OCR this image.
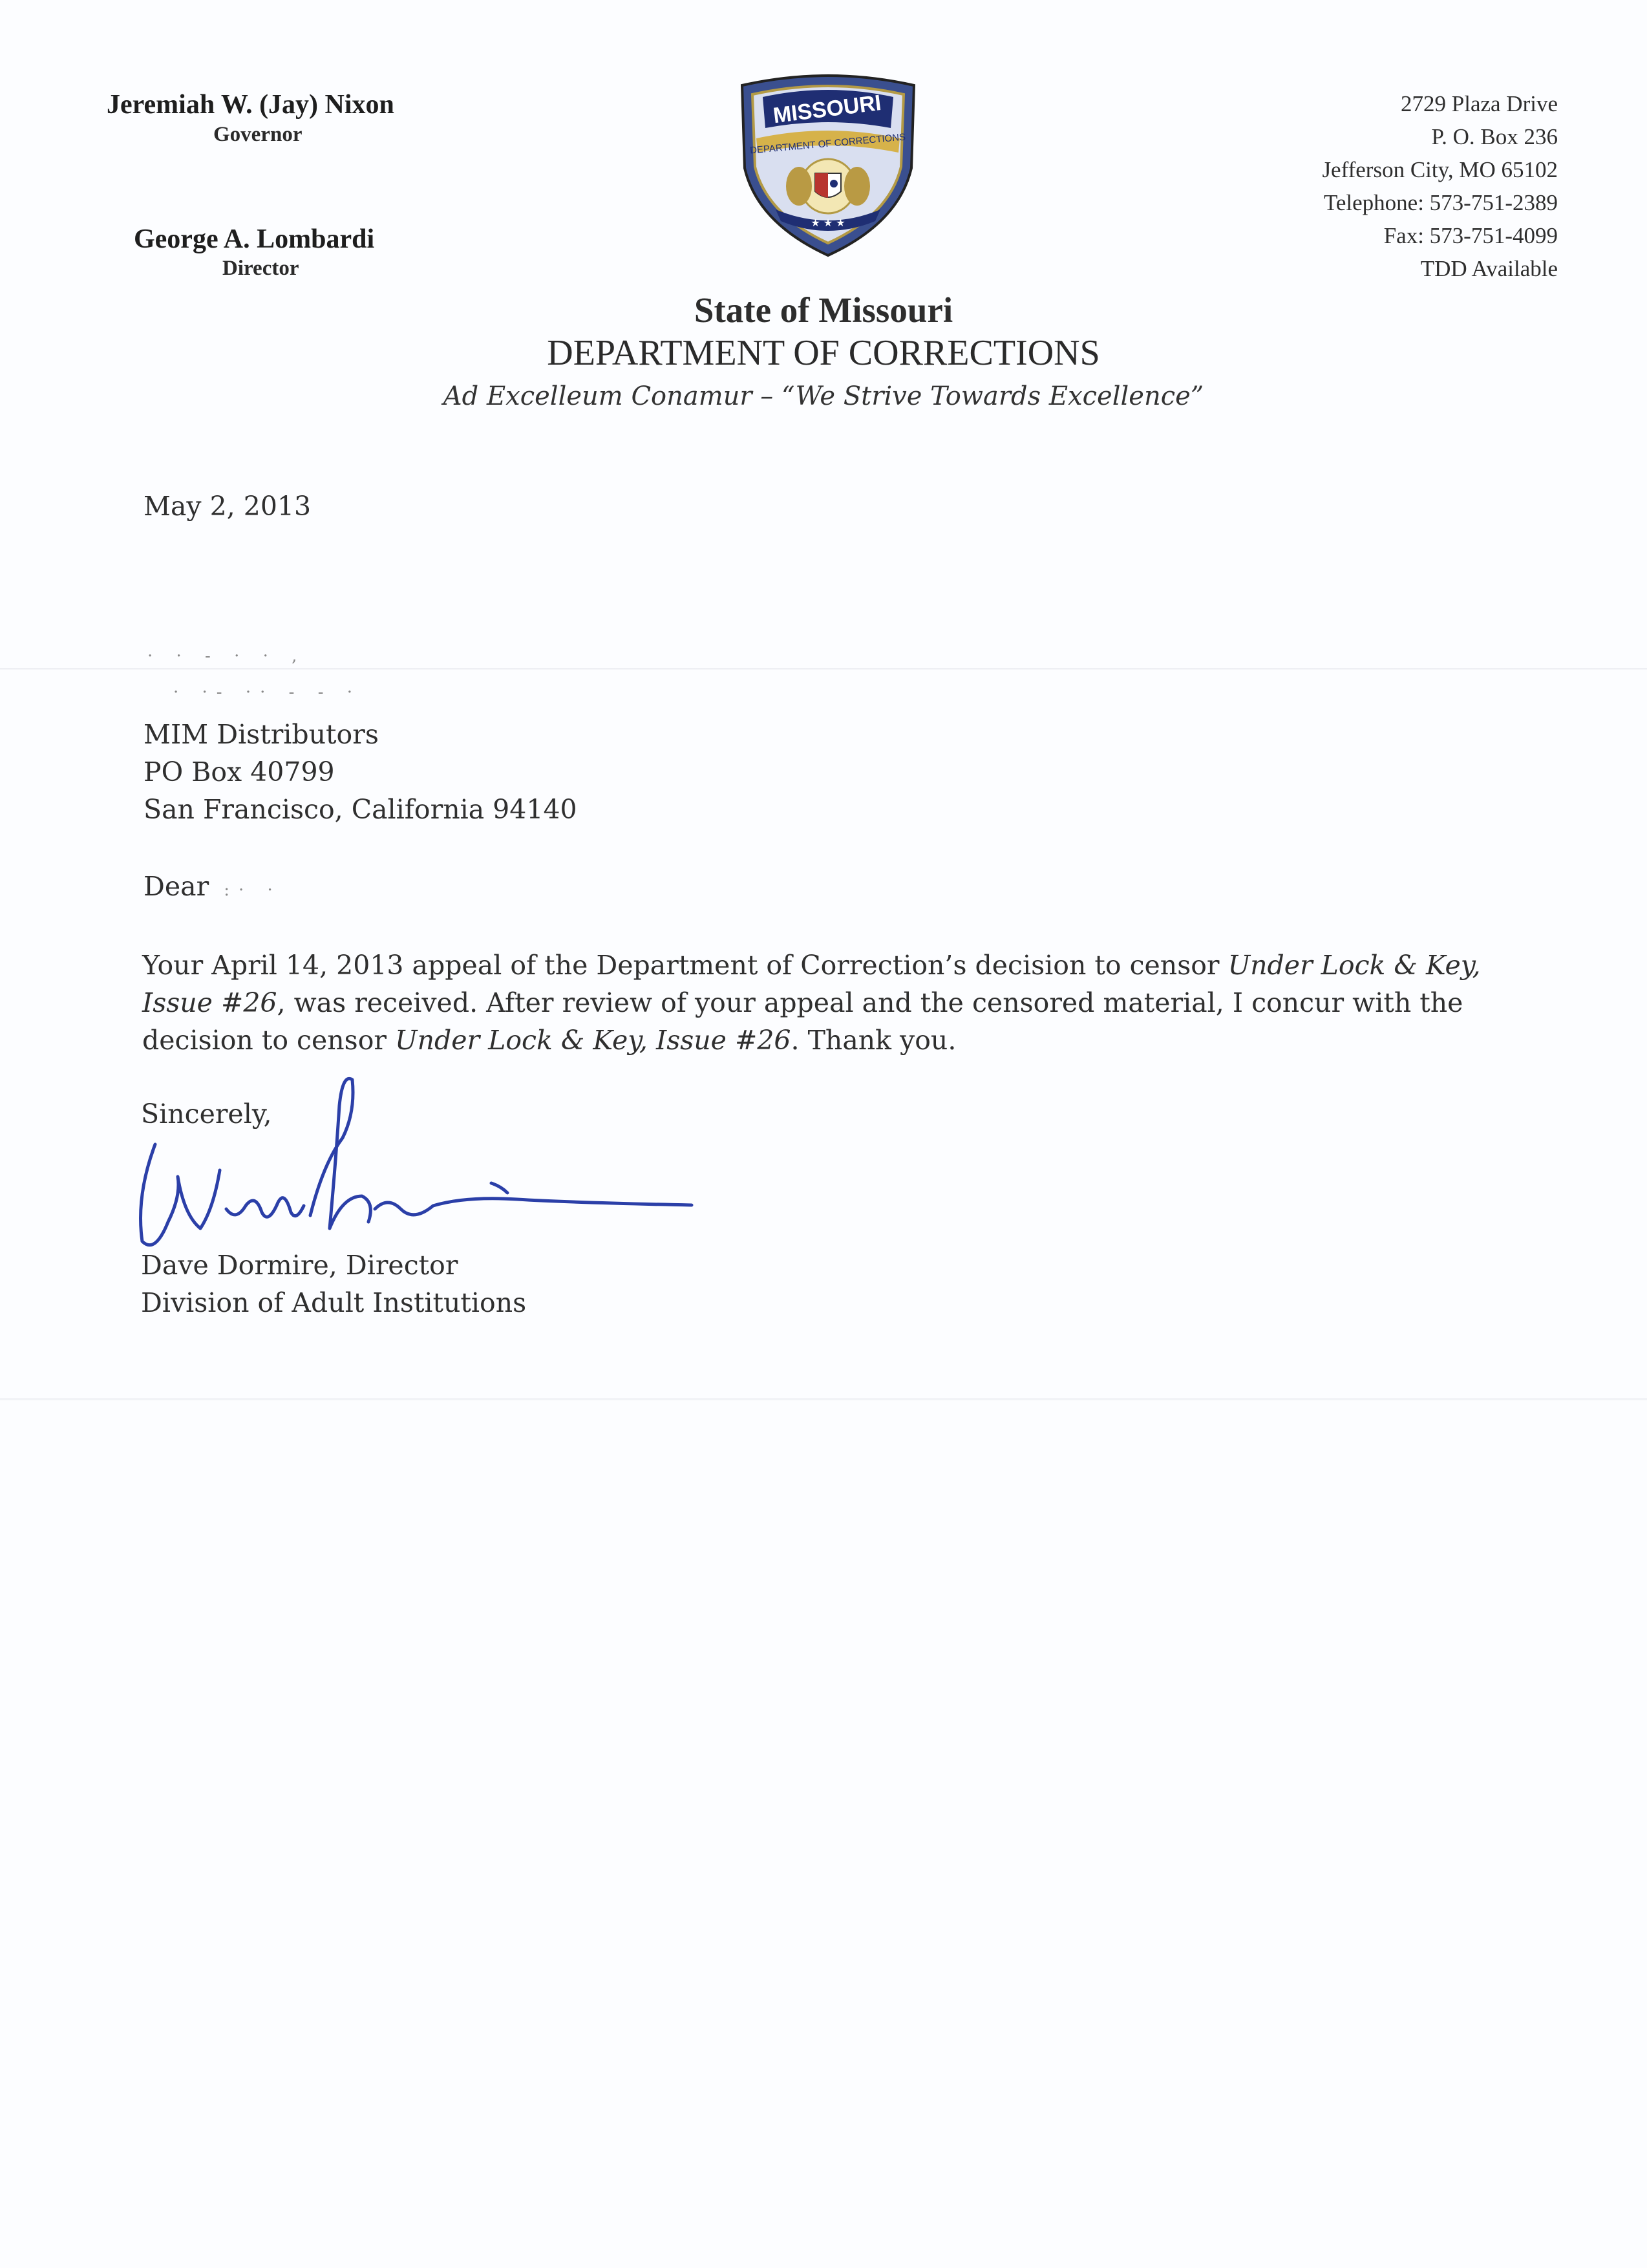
Jeremiah W. (Jay) Nixon
Governor
George A. Lombardi
Director
MISSOURI
DEPARTMENT OF CORRECTIONS
★ ★ ★
2729 Plaza Drive
P. O. Box 236
Jefferson City, MO 65102
Telephone: 573-751-2389
Fax: 573-751-4099
TDD Available
State of Missouri
DEPARTMENT OF CORRECTIONS
Ad Excelleum Conamur – “We Strive Towards Excellence”
May 2, 2013
· · ‐ · · ,
· ·‐ ·· ‐ ‐ ·
MIM Distributors
PO Box 40799
San Francisco, California 94140
Dear :· ·
Your April 14, 2013 appeal of the Department of Correction’s decision to censor Under Lock & Key,
Issue #26, was received. After review of your appeal and the censored material, I concur with the
decision to censor Under Lock & Key, Issue #26. Thank you.
Sincerely,
Dave Dormire, Director
Division of Adult Institutions
